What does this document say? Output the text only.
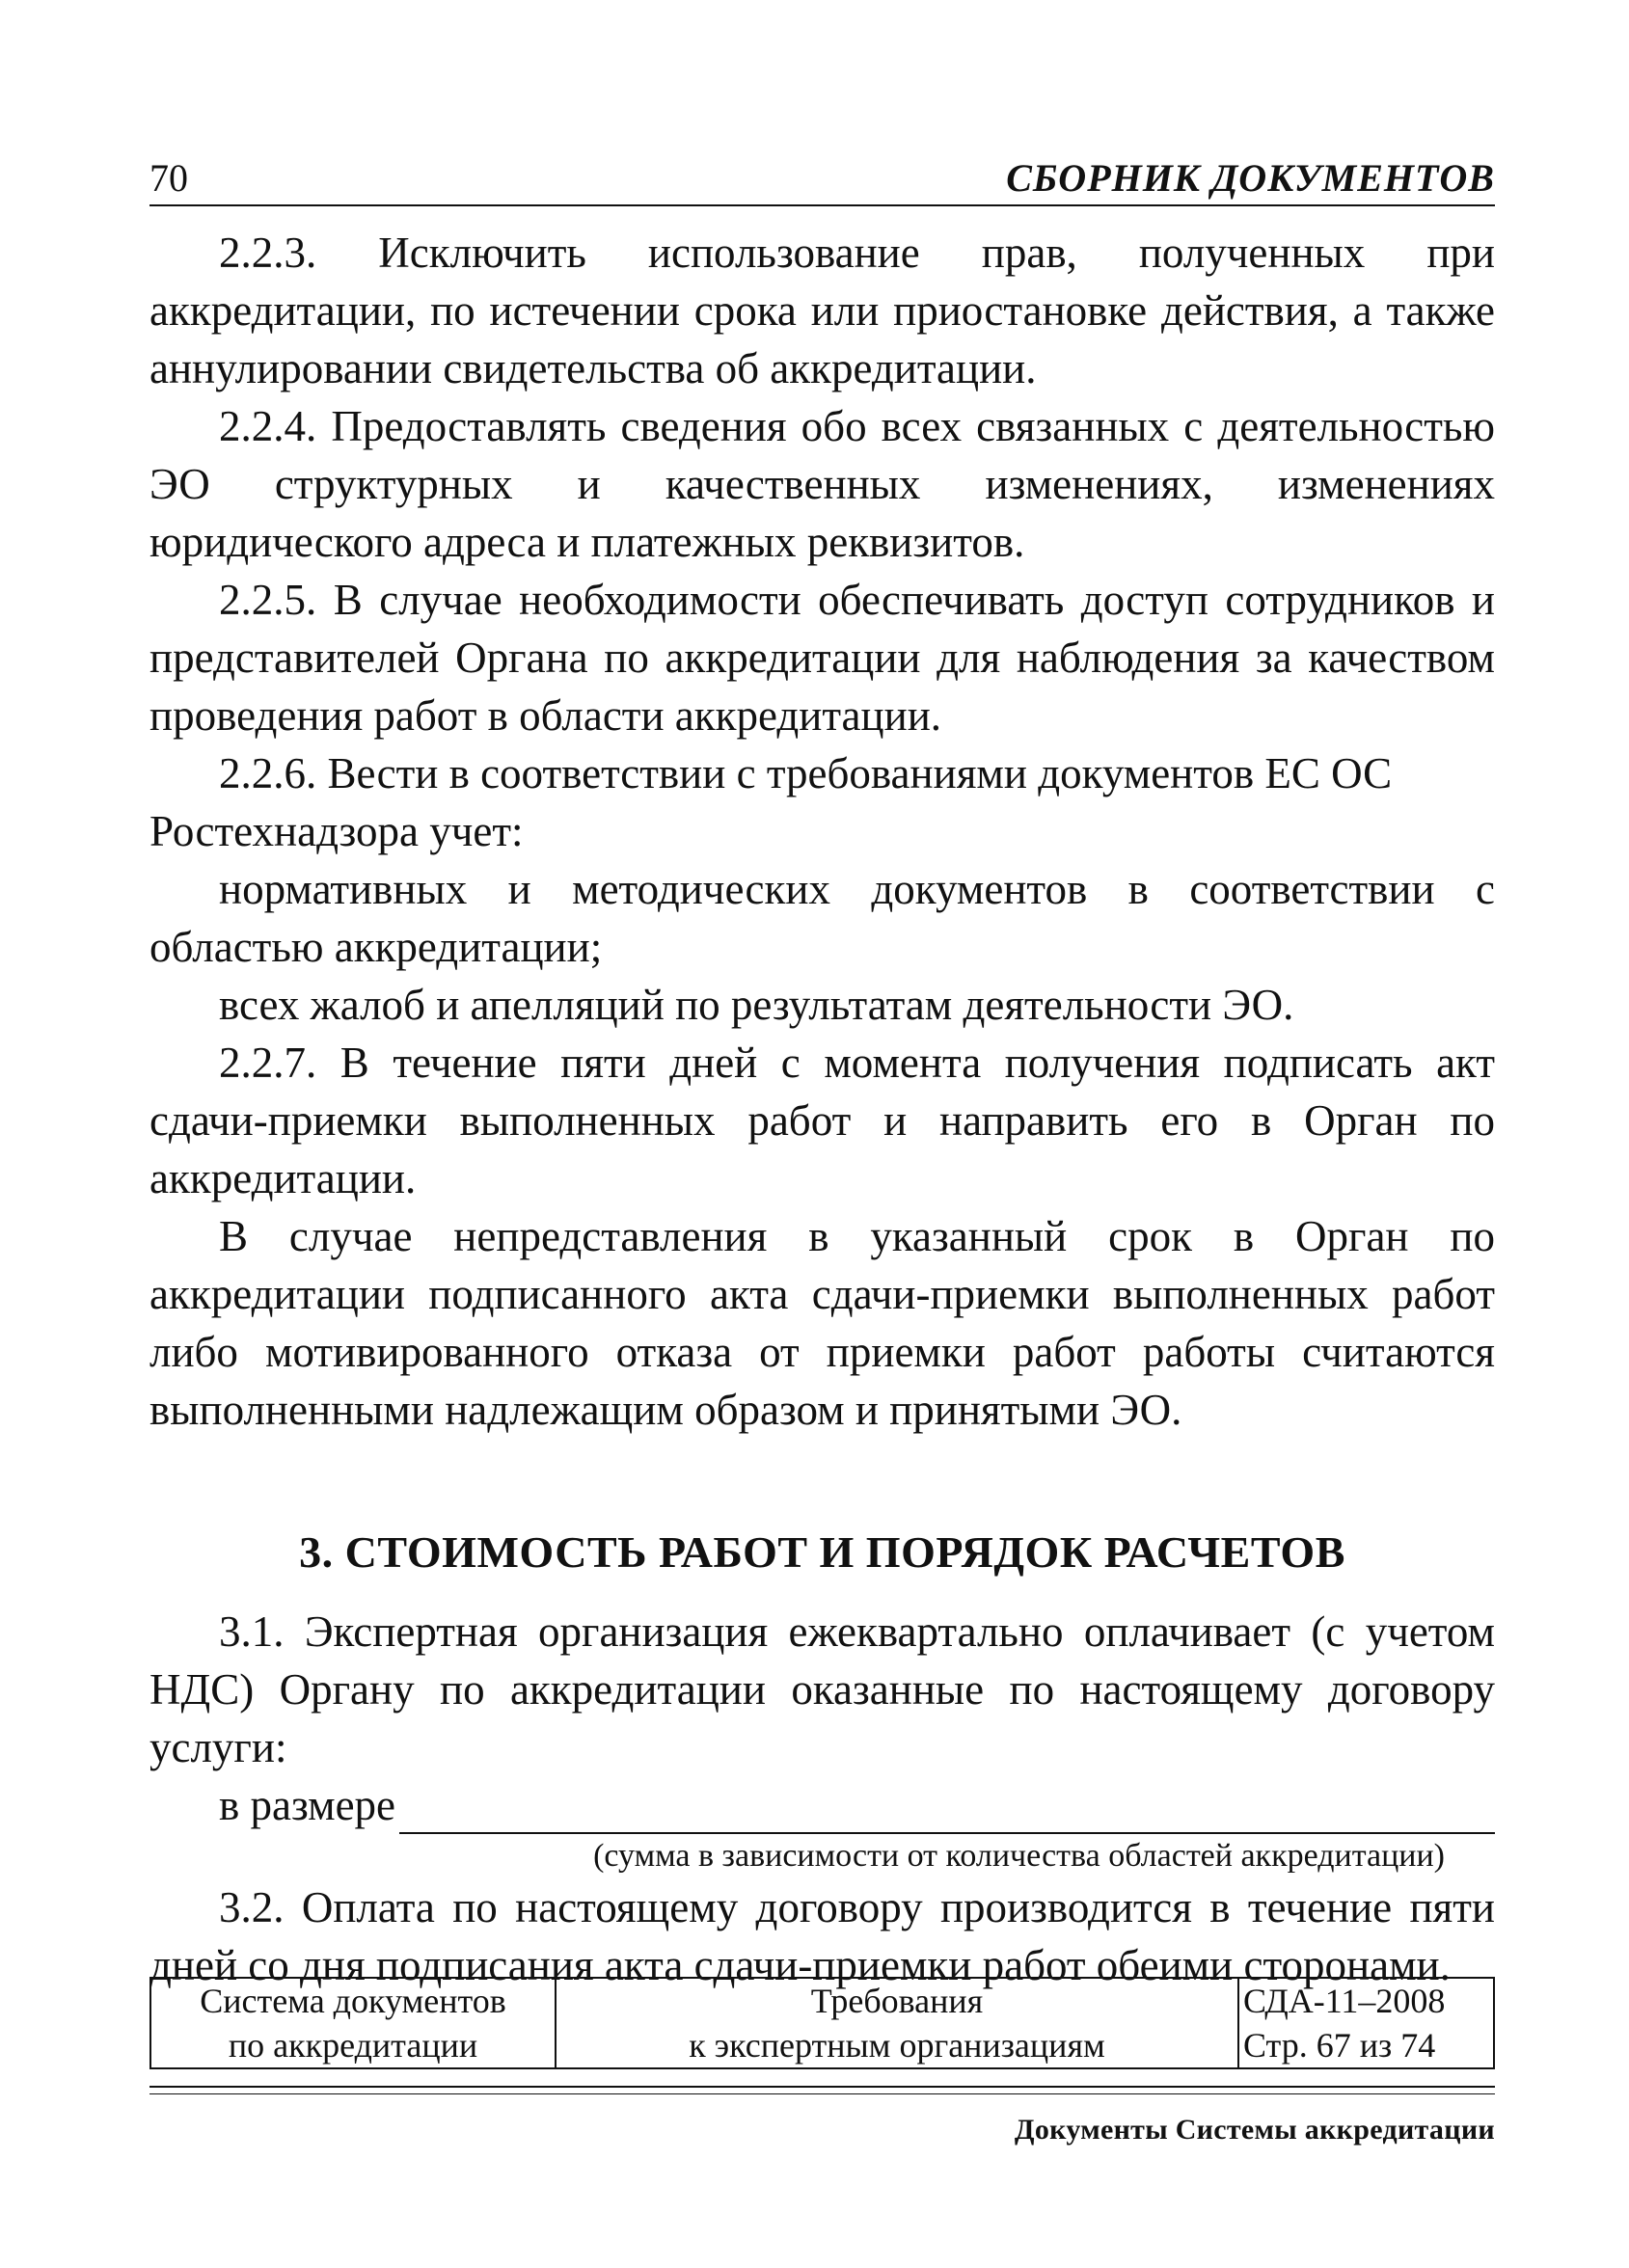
70	СБОРНИК ДОКУМЕНТОВ

2.2.3. Исключить использование прав, полученных при аккредитации, по истечении срока или приостановке действия, а также аннулировании свидетельства об аккредитации.

2.2.4. Предоставлять сведения обо всех связанных с деятельностью ЭО структурных и качественных изменениях, изменениях юридического адреса и платежных реквизитов.

2.2.5. В случае необходимости обеспечивать доступ сотрудников и представителей Органа по аккредитации для наблюдения за качеством проведения работ в области аккредитации.

2.2.6. Вести в соответствии с требованиями документов ЕС ОС Ростехнадзора учет:

нормативных и методических документов в соответствии с областью аккредитации;

всех жалоб и апелляций по результатам деятельности ЭО.

2.2.7. В течение пяти дней с момента получения подписать акт сдачи-приемки выполненных работ и направить его в Орган по аккредитации.

В случае непредставления в указанный срок в Орган по аккредитации подписанного акта сдачи-приемки выполненных работ либо мотивированного отказа от приемки работ работы считаются выполненными надлежащим образом и принятыми ЭО.

3. СТОИМОСТЬ РАБОТ И ПОРЯДОК РАСЧЕТОВ

3.1. Экспертная организация ежеквартально оплачивает (с учетом НДС) Органу по аккредитации оказанные по настоящему договору услуги:

в размере

(сумма в зависимости от количества областей аккредитации)

3.2. Оплата по настоящему договору производится в течение пяти дней со дня подписания акта сдачи-приемки работ обеими сторонами.

Система документов
по аккредитации

Требования
к экспертным организациям

СДА-11–2008
Стр. 67 из 74
Документы Системы аккредитации
